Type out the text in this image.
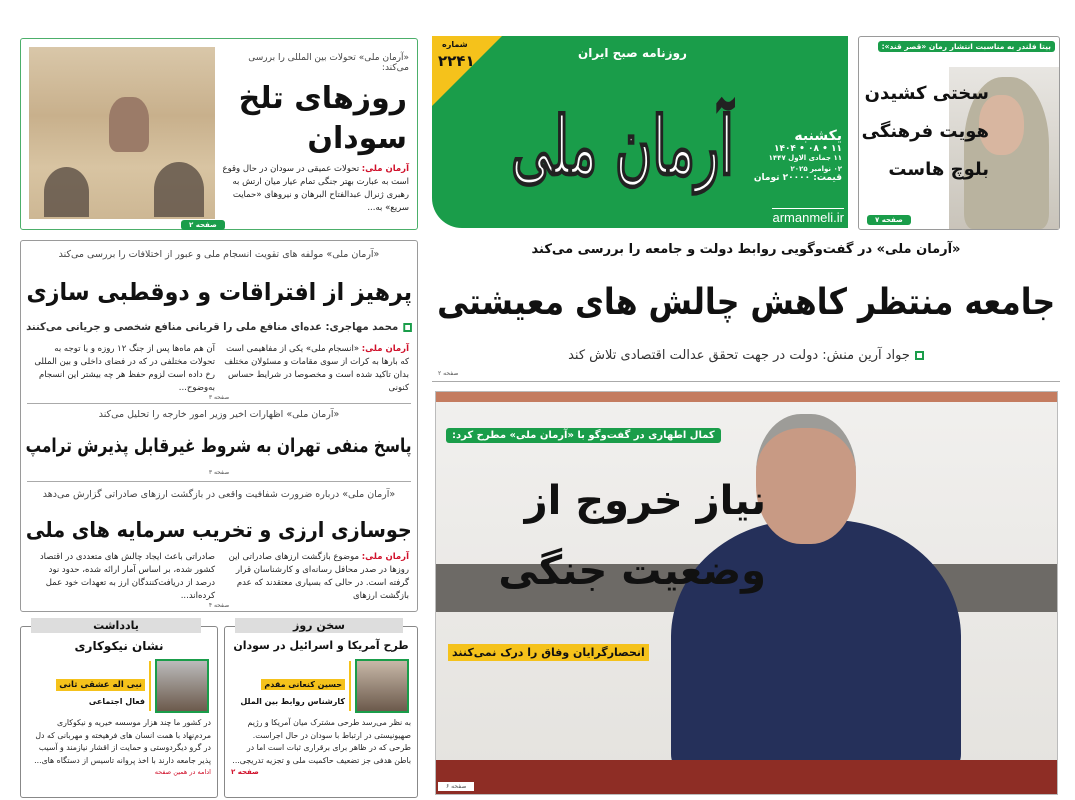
«آرمان ملی» تحولات بین المللی را بررسی می‌کند:
روزهای تلخ
سودان
آرمان ملی: تحولات عمیقی در سودان در حال وقوع است به عبارت بهتر جنگی تمام عیار میان ارتش به رهبری ژنرال عبدالفتاح البرهان و نیروهای «حمایت سریع» به...
صفحه ۲
شماره
۲۲۴۱	روزنامه صبح ایران
آرمان ملی	یکشنبه
۱۱ • ۰۸ • ۱۴۰۴
۱۱ جمادی الاول ۱۴۴۷
۰۲ نوامبر ۲۰۲۵
قیمت: ۲۰۰۰۰ تومان
armanmeli.ir
بیتا فلندر به مناسبت انتشار رمان «قصر قند»:
سختی کشیدن
هویت فرهنگی
بلوچ هاست
صفحه ۷
«آرمان ملی» در گفت‌وگویی روابط دولت و جامعه را بررسی می‌کند
جامعه منتظر کاهش چالش های معیشتی
جواد آرین منش: دولت در جهت تحقق عدالت اقتصادی تلاش کند
صفحه ۲
کمال اطهاری در گفت‌وگو با «آرمان ملی» مطرح کرد:
نیاز خروج از
وضعیت جنگی
انحصارگرایان وفاق را درک نمی‌کنند
صفحه ۶
«آرمان ملی» مولفه های تقویت انسجام ملی و عبور از اختلافات را بررسی می‌کند
پرهیز از افتراقات و دوقطبی سازی
محمد مهاجری: عده‌ای منافع ملی را قربانی منافع شخصی و جریانی می‌کنند
آرمان ملی: «انسجام ملی» یکی از مفاهیمی است که بارها به کرات از سوی مقامات و مسئولان مختلف بدان تاکید شده است و مخصوصا در شرایط حساس کنونی
آن هم ماه‌ها پس از جنگ ۱۲ روزه و با توجه به تحولات مختلفی در که در فضای داخلی و بین المللی رخ داده است لزوم حفظ هر چه بیشتر این انسجام به‌وضوح...
صفحه ۳
«آرمان ملی» اظهارات اخیر وزیر امور خارجه را تحلیل می‌کند
پاسخ منفی تهران به شروط غیرقابل پذیرش ترامپ
صفحه ۳
«آرمان ملی» درباره ضرورت شفافیت واقعی در بازگشت ارزهای صادراتی گزارش می‌دهد
جوسازی ارزی و تخریب سرمایه های ملی
آرمان ملی: موضوع بازگشت ارزهای صادراتی این روزها در صدر محافل رسانه‌ای و کارشناسان قرار گرفته است. در حالی که بسیاری معتقدند که عدم بازگشت ارزهای
صادراتی باعث ایجاد چالش های متعددی در اقتصاد کشور شده، بر اساس آمار ارائه شده، حدود نود درصد از دریافت‌کنندگان ارز به تعهدات خود عمل کرده‌اند...
صفحه ۴
یادداشت
نشان نیکوکاری
نبی اله عشقی ثانی
فعال اجتماعی
در کشور ما چند هزار موسسه خیریه و نیکوکاری مردم‌نهاد با همت انسان های فرهیخته و مهربانی که دل در گرو دیگردوستی و حمایت از اقشار نیازمند و آسیب پذیر جامعه دارند با اخذ پروانه تاسیس از دستگاه های...
ادامه در همین صفحه
سخن روز
طرح آمریکا و اسرائیل در سودان
حسین کنعانی مقدم
کارشناس روابط بین الملل
به نظر می‌رسد طرحی مشترک میان آمریکا و رژیم صهیونیستی در ارتباط با سودان در حال اجراست. طرحی که در ظاهر برای برقراری ثبات است اما در باطن هدفی جز تضعیف حاکمیت ملی و تجزیه تدریجی...
صفحه ۲
